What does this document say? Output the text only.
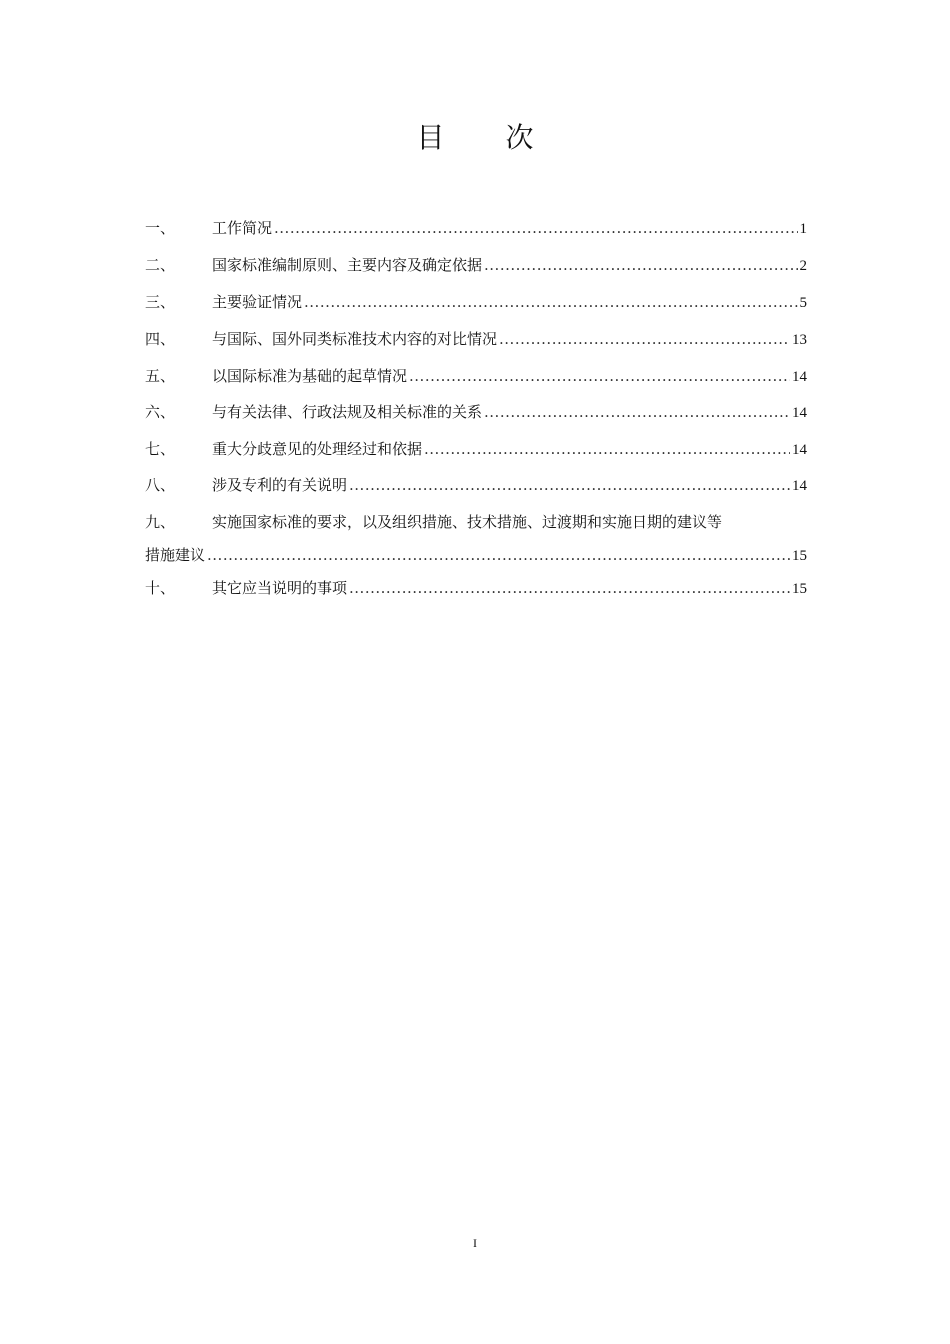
目 次
一、	工作简况 .....	1
二、	国家标准编制原则、主要内容及确定依据 .....	2
三、	主要验证情况 .....	5
四、	与国际、国外同类标准技术内容的对比情况 .....	13
五、	以国际标准为基础的起草情况 .....	14
六、	与有关法律、行政法规及相关标准的关系 .....	14
七、	重大分歧意见的处理经过和依据 .....	14
八、	涉及专利的有关说明 .....	14
九、	实施国家标准的要求，以及组织措施、技术措施、过渡期和实施日期的建议等
措施建议 .....	15
十、	其它应当说明的事项 .....	15
I
